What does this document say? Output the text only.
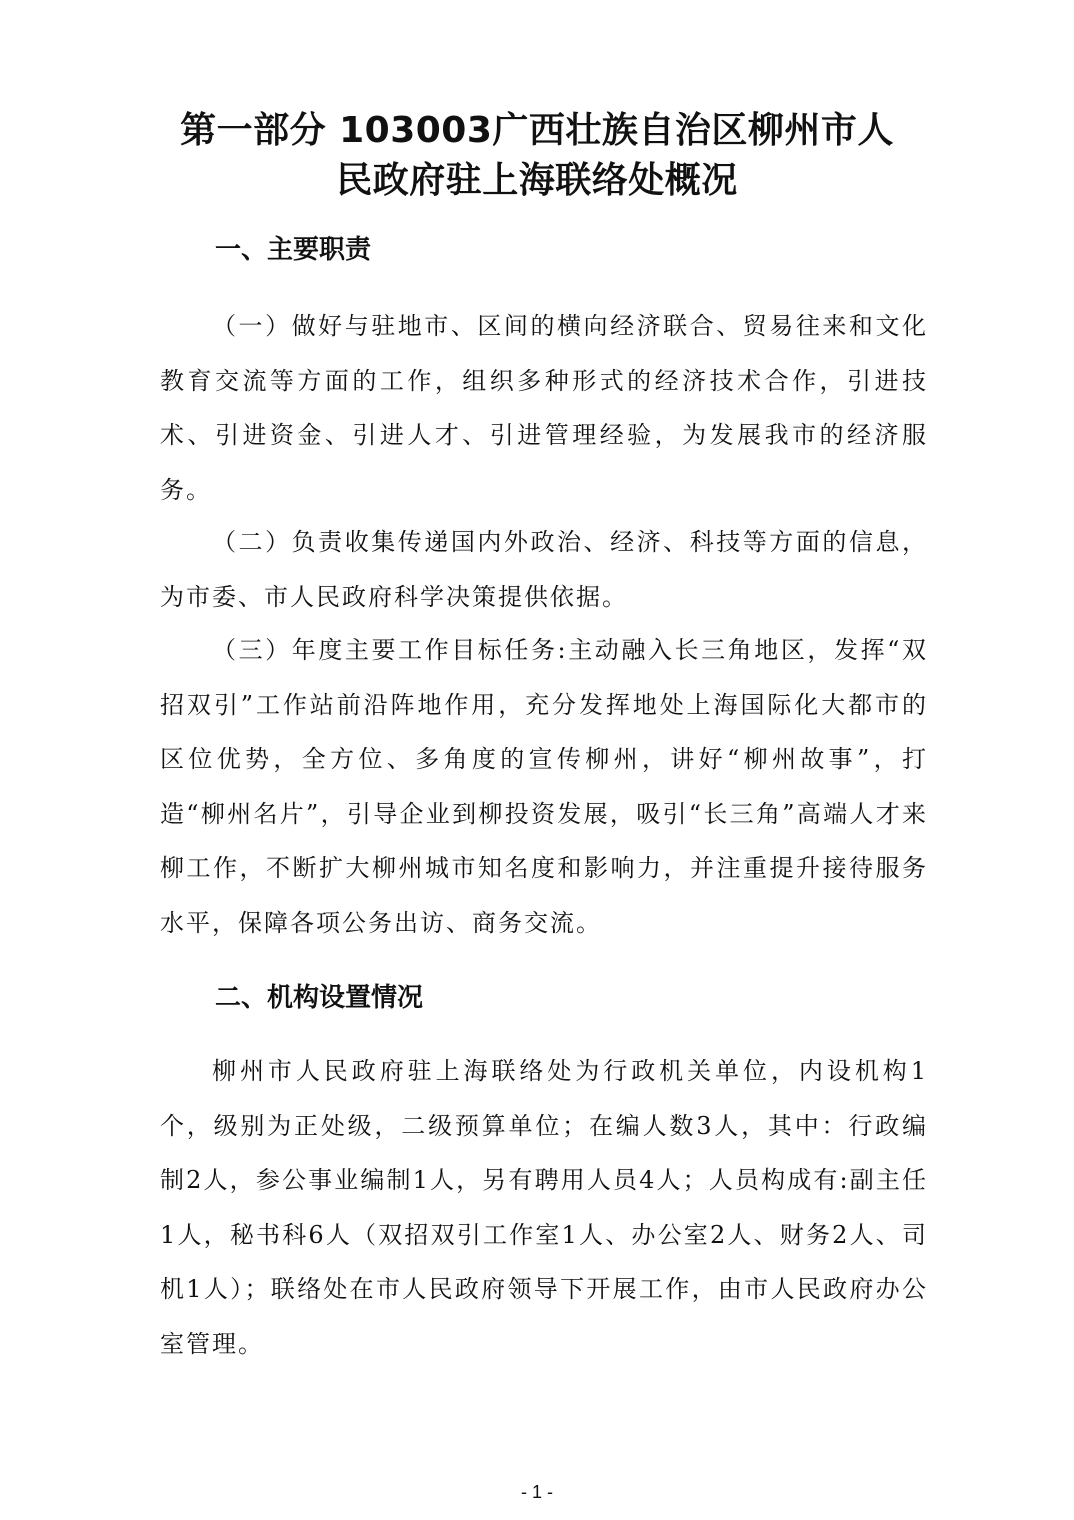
第一部分 103003广西壮族自治区柳州市人
民政府驻上海联络处概况
一、主要职责
（一）做好与驻地市、区间的横向经济联合、贸易往来和文化教育交流等方面的工作，组织多种形式的经济技术合作，引进技术、引进资金、引进人才、引进管理经验，为发展我市的经济服务。
（二）负责收集传递国内外政治、经济、科技等方面的信息，为市委、市人民政府科学决策提供依据。
（三）年度主要工作目标任务:主动融入长三角地区，发挥“双招双引”工作站前沿阵地作用，充分发挥地处上海国际化大都市的区位优势，全方位、多角度的宣传柳州，讲好“柳州故事”，打造“柳州名片”，引导企业到柳投资发展，吸引“长三角”高端人才来柳工作，不断扩大柳州城市知名度和影响力，并注重提升接待服务水平，保障各项公务出访、商务交流。
二、机构设置情况
柳州市人民政府驻上海联络处为行政机关单位，内设机构1个，级别为正处级，二级预算单位；在编人数3人，其中：行政编制2人，参公事业编制1人，另有聘用人员4人；人员构成有:副主任1人，秘书科6人（双招双引工作室1人、办公室2人、财务2人、司机1人）；联络处在市人民政府领导下开展工作，由市人民政府办公室管理。
- 1 -
